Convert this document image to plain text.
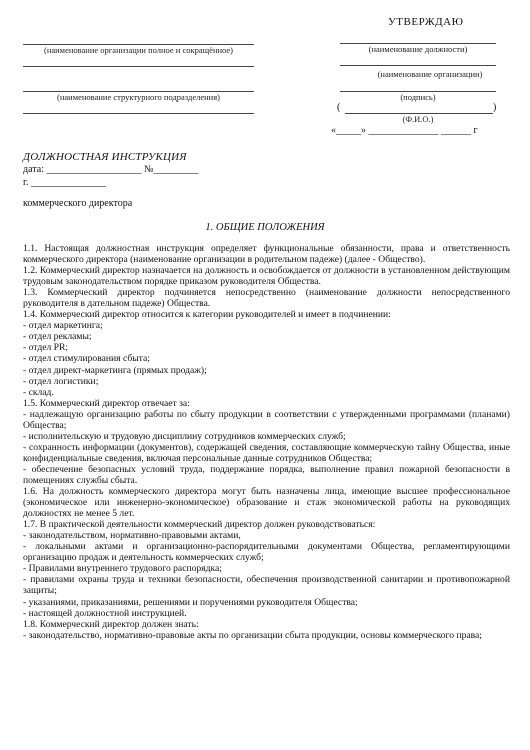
УТВЕРЖДАЮ
(наименование организации полное и сокращённое)
(наименование структурного подразделения)
(наименование должности)
(наименование организации)
(подпись)
(	)
(Ф.И.О.)
«_____» ______________ ______ г
ДОЛЖНОСТНАЯ ИНСТРУКЦИЯ
дата: ___________________ №_________
г. _______________
коммерческого директора
1. ОБЩИЕ ПОЛОЖЕНИЯ

1.1. Настоящая должностная инструкция определяет функциональные обязанности, права и ответственность коммерческого директора (наименование организации в родительном падеже) (далее - Общество).

1.2. Коммерческий директор назначается на должность и освобождается от должности в установленном действующим трудовым законодательством порядке приказом руководителя Общества.

1.3. Коммерческий директор подчиняется непосредственно (наименование должности непосредственного руководителя в дательном падеже) Общества.

1.4. Коммерческий директор относится к категории руководителей и имеет в подчинении:

- отдел маркетинга;

- отдел рекламы;

- отдел PR;

- отдел стимулирования сбыта;

- отдел директ-маркетинга (прямых продаж);

- отдел логистики;

- склад.

1.5. Коммерческий директор отвечает за:

- надлежащую организацию работы по сбыту продукции в соответствии с утвержденными программами (планами) Общества;

- исполнительскую и трудовую дисциплину сотрудников коммерческих служб;

- сохранность информации (документов), содержащей сведения, составляющие коммерческую тайну Общества, иные конфиденциальные сведения, включая персональные данные сотрудников Общества;

- обеспечение безопасных условий труда, поддержание порядка, выполнение правил пожарной безопасности в помещениях службы сбыта.

1.6. На должность коммерческого директора могут быть назначены лица, имеющие высшее профессиональное (экономическое или инженерно-экономическое) образование и стаж экономической работы на руководящих должностях не менее 5 лет.

1.7. В практической деятельности коммерческий директор должен руководствоваться:

- законодательством, нормативно-правовыми актами,

- локальными актами и организационно-распорядительными документами Общества, регламентирующими организацию продаж и деятельность коммерческих служб;

- Правилами внутреннего трудового распорядка;

- правилами охраны труда и техники безопасности, обеспечения производственной санитарии и противопожарной защиты;

- указаниями, приказаниями, решениями и поручениями руководителя Общества;

- настоящей должностной инструкцией.

1.8. Коммерческий директор должен знать:

- законодательство, нормативно-правовые акты по организации сбыта продукции, основы коммерческого права;
